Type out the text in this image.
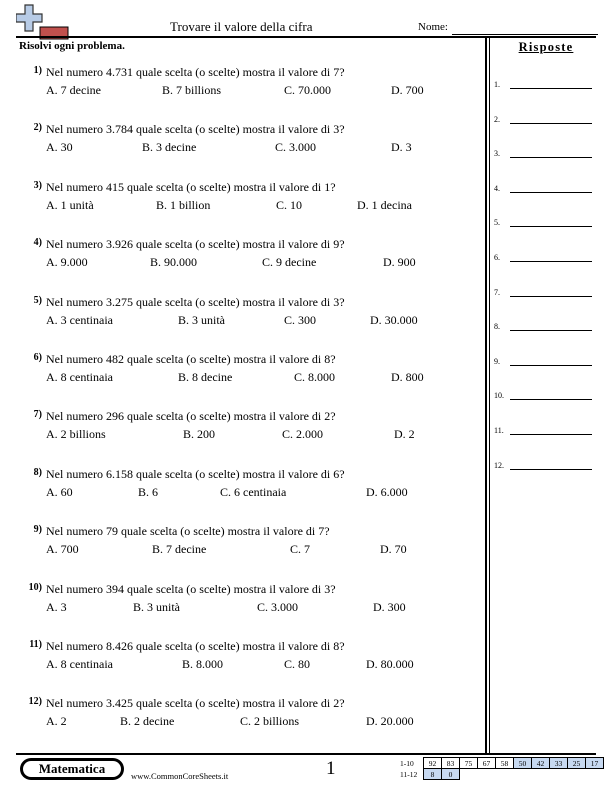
Trovare il valore della cifra	Nome:
Risolvi ogni problema.	Risposte
1.
2.
3.
4.
5.
6.
7.
8.
9.
10.
11.
12.
1) Nel numero 4.731 quale scelta (o scelte) mostra il valore di 7?
A. 7 decine	B. 7 billions	C. 70.000	D. 700
2) Nel numero 3.784 quale scelta (o scelte) mostra il valore di 3?
A. 30	B. 3 decine	C. 3.000	D. 3
3) Nel numero 415 quale scelta (o scelte) mostra il valore di 1?
A. 1 unità	B. 1 billion	C. 10	D. 1 decina
4) Nel numero 3.926 quale scelta (o scelte) mostra il valore di 9?
A. 9.000	B. 90.000	C. 9 decine	D. 900
5) Nel numero 3.275 quale scelta (o scelte) mostra il valore di 3?
A. 3 centinaia	B. 3 unità	C. 300	D. 30.000
6) Nel numero 482 quale scelta (o scelte) mostra il valore di 8?
A. 8 centinaia	B. 8 decine	C. 8.000	D. 800
7) Nel numero 296 quale scelta (o scelte) mostra il valore di 2?
A. 2 billions	B. 200	C. 2.000	D. 2
8) Nel numero 6.158 quale scelta (o scelte) mostra il valore di 6?
A. 60	B. 6	C. 6 centinaia	D. 6.000
9) Nel numero 79 quale scelta (o scelte) mostra il valore di 7?
A. 700	B. 7 decine	C. 7	D. 70
10) Nel numero 394 quale scelta (o scelte) mostra il valore di 3?
A. 3	B. 3 unità	C. 3.000	D. 300
11) Nel numero 8.426 quale scelta (o scelte) mostra il valore di 8?
A. 8 centinaia	B. 8.000	C. 80	D. 80.000
12) Nel numero 3.425 quale scelta (o scelte) mostra il valore di 2?
A. 2	B. 2 decine	C. 2 billions	D. 20.000
Matematica	www.CommonCoreSheets.it	1	1-10	92	83	75	67	58	50	42	33	25	17
11-12	8	0								
